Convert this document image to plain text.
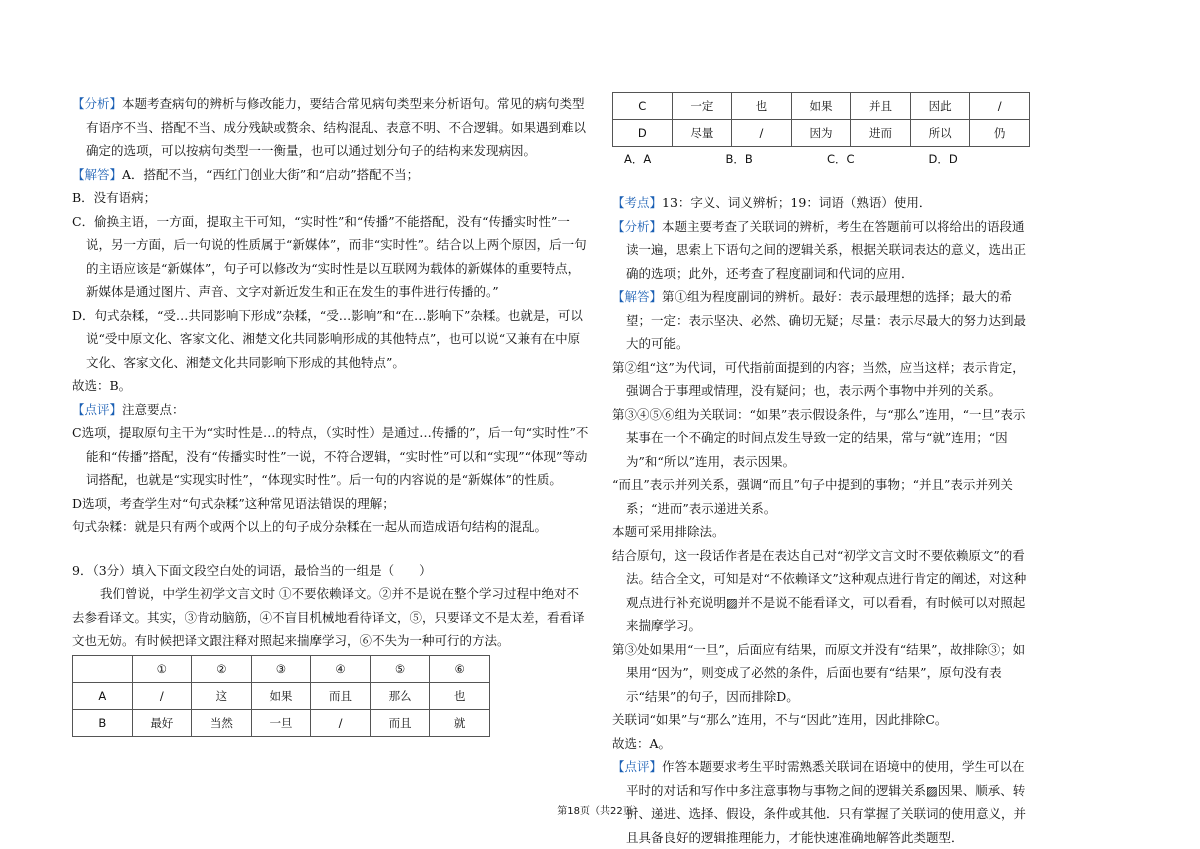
【分析】本题考查病句的辨析与修改能力，要结合常见病句类型来分析语句。常见的病句类型有语序不当、搭配不当、成分残缺或赘余、结构混乱、表意不明、不合逻辑。如果遇到难以确定的选项，可以按病句类型一一衡量，也可以通过划分句子的结构来发现病因。

【解答】A．搭配不当，“西红门创业大街”和“启动”搭配不当；

B．没有语病；

C．偷换主语，一方面，提取主干可知，“实时性”和“传播”不能搭配，没有“传播实时性”一说，另一方面，后一句说的性质属于“新媒体”，而非“实时性”。结合以上两个原因，后一句的主语应该是“新媒体”，句子可以修改为“实时性是以互联网为载体的新媒体的重要特点，新媒体是通过图片、声音、文字对新近发生和正在发生的事件进行传播的。”

D．句式杂糅，“受…共同影响下形成”杂糅，“受…影响”和“在…影响下”杂糅。也就是，可以说“受中原文化、客家文化、湘楚文化共同影响形成的其他特点”，也可以说“又兼有在中原文化、客家文化、湘楚文化共同影响下形成的其他特点”。

故选：B。

【点评】注意要点：

C选项，提取原句主干为“实时性是…的特点，（实时性）是通过…传播的”，后一句“实时性”不能和“传播”搭配，没有“传播实时性”一说，不符合逻辑，“实时性”可以和“实现”“体现”等动词搭配，也就是“实现实时性”，“体现实时性”。后一句的内容说的是“新媒体”的性质。

D选项，考查学生对“句式杂糅”这种常见语法错误的理解；

句式杂糅：就是只有两个或两个以上的句子成分杂糅在一起从而造成语句结构的混乱。

9．（3分）填入下面文段空白处的词语，最恰当的一组是（　　）

我们曾说，中学生初学文言文时 ①不要依赖译文。②并不是说在整个学习过程中绝对不去参看译文。其实，③肯动脑筋，④不盲目机械地看待译文，⑤，只要译文不是太差，看看译文也无妨。有时候把译文跟注释对照起来揣摩学习，⑥不失为一种可行的方法。

	①	②	③	④	⑤	⑥
A	/	这	如果	而且	那么	也
B	最好	当然	一旦	/	而且	就
C	一定	也	如果	并且	因此	/
D	尽量	/	因为	进而	所以	仍
A．A	B．B	C．C	D．D

【考点】13：字义、词义辨析；19：词语（熟语）使用．

【分析】本题主要考查了关联词的辨析，考生在答题前可以将给出的语段通读一遍，思索上下语句之间的逻辑关系，根据关联词表达的意义，选出正确的选项；此外，还考查了程度副词和代词的应用．

【解答】第①组为程度副词的辨析。最好：表示最理想的选择；最大的希望；一定：表示坚决、必然、确切无疑；尽量：表示尽最大的努力达到最大的可能。

第②组“这”为代词，可代指前面提到的内容；当然，应当这样；表示肯定，强调合于事理或情理，没有疑问；也，表示两个事物中并列的关系。

第③④⑤⑥组为关联词：“如果”表示假设条件，与“那么”连用，“一旦”表示某事在一个不确定的时间点发生导致一定的结果，常与“就”连用；“因为”和“所以”连用，表示因果。

“而且”表示并列关系，强调“而且”句子中提到的事物；“并且”表示并列关系；“进而”表示递进关系。

本题可采用排除法。

结合原句，这一段话作者是在表达自己对“初学文言文时不要依赖原文”的看法。结合全文，可知是对“不依赖译文”这种观点进行肯定的阐述，对这种观点进行补充说明▨并不是说不能看译文，可以看看，有时候可以对照起来揣摩学习。

第③处如果用“一旦”，后面应有结果，而原文并没有“结果”，故排除③；如果用“因为”，则变成了必然的条件，后面也要有“结果”，原句没有表示“结果”的句子，因而排除D。

关联词“如果”与“那么”连用，不与“因此”连用，因此排除C。

故选：A。

【点评】作答本题要求考生平时需熟悉关联词在语境中的使用，学生可以在平时的对话和写作中多注意事物与事物之间的逻辑关系▨因果、顺承、转折、递进、选择、假设，条件或其他．只有掌握了关联词的使用意义，并且具备良好的逻辑推理能力，才能快速准确地解答此类题型．

第18页（共22页）
